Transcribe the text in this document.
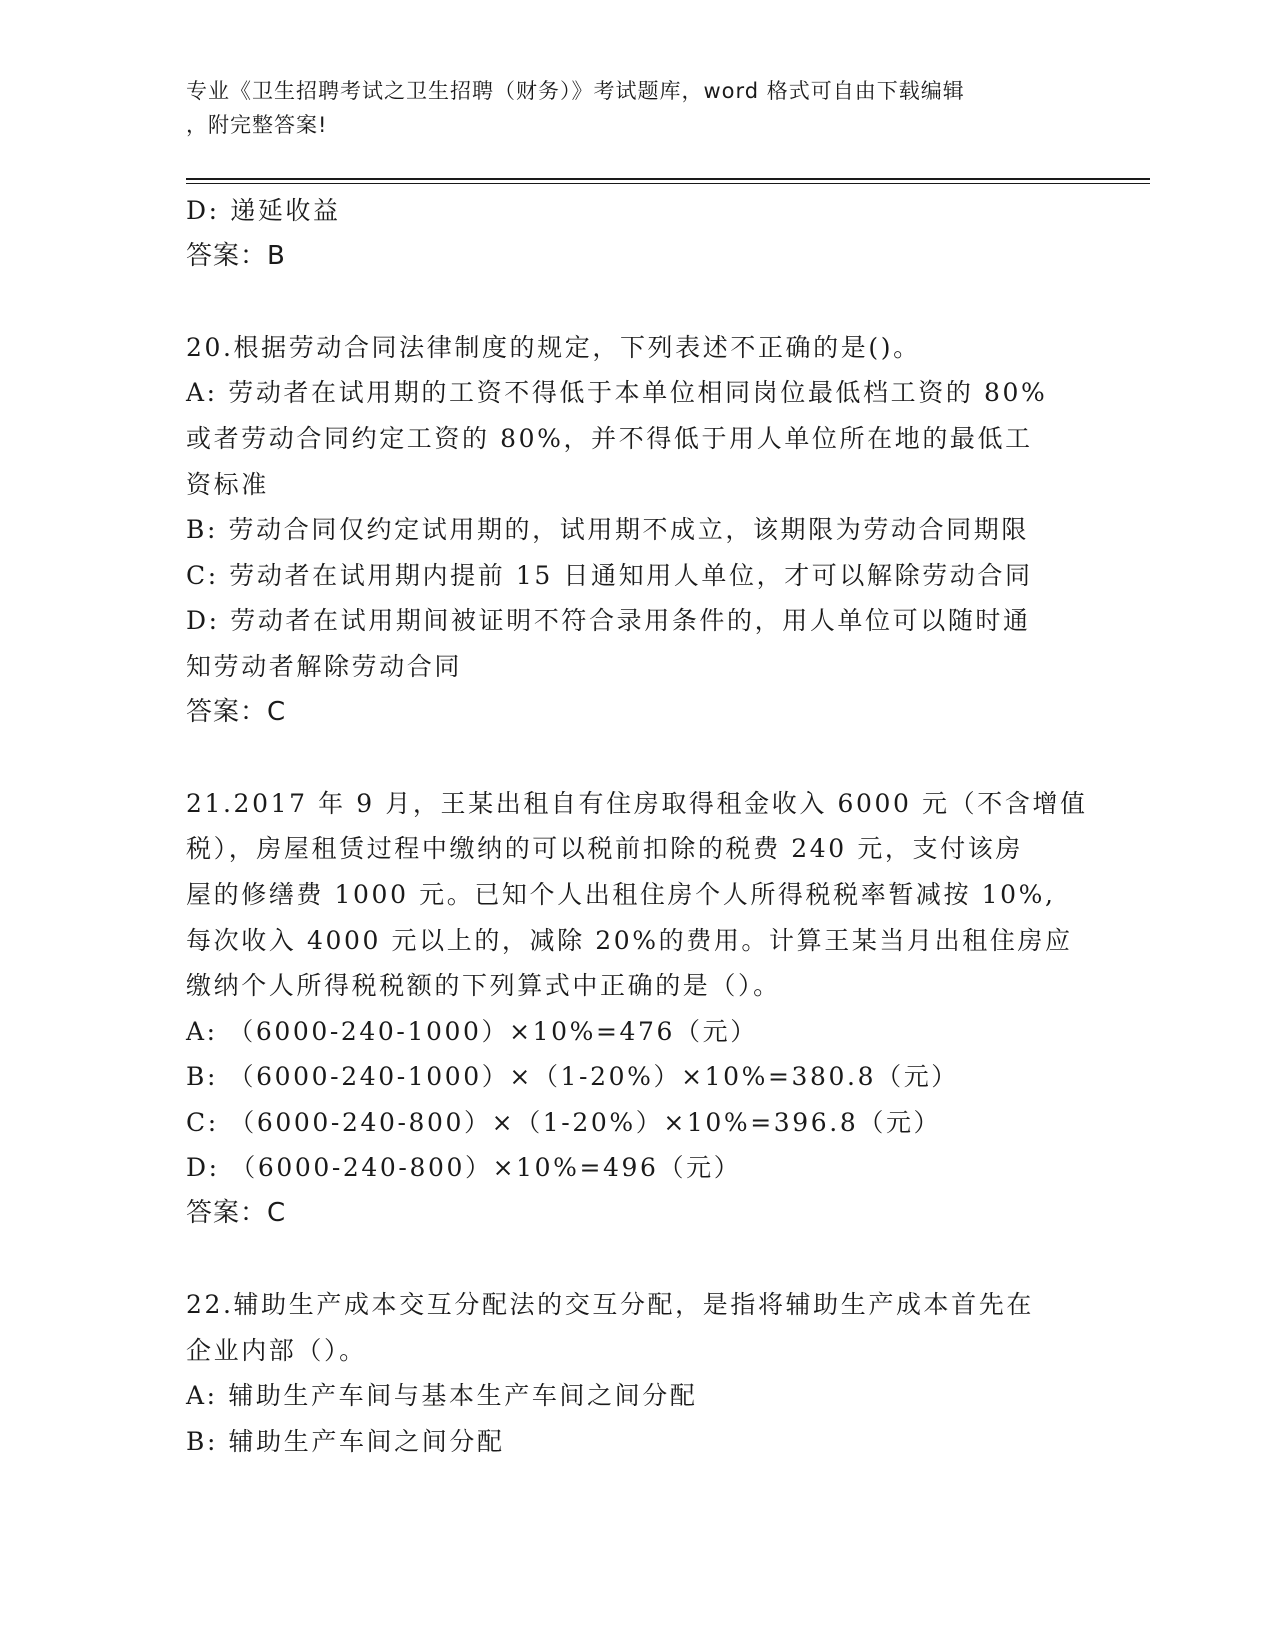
专业《卫生招聘考试之卫生招聘（财务）》考试题库，word 格式可自由下载编辑
，附完整答案!

D: 递延收益

答案：B

20.根据劳动合同法律制度的规定，下列表述不正确的是()。

A: 劳动者在试用期的工资不得低于本单位相同岗位最低档工资的 80%

或者劳动合同约定工资的 80%，并不得低于用人单位所在地的最低工

资标准

B: 劳动合同仅约定试用期的，试用期不成立，该期限为劳动合同期限

C: 劳动者在试用期内提前 15 日通知用人单位，才可以解除劳动合同

D: 劳动者在试用期间被证明不符合录用条件的，用人单位可以随时通

知劳动者解除劳动合同

答案：C

21.2017 年 9 月，王某出租自有住房取得租金收入 6000 元（不含增值

税），房屋租赁过程中缴纳的可以税前扣除的税费 240 元，支付该房

屋的修缮费 1000 元。已知个人出租住房个人所得税税率暂减按 10%,

每次收入 4000 元以上的，减除 20%的费用。计算王某当月出租住房应

缴纳个人所得税税额的下列算式中正确的是（）。

A: （6000-240-1000）×10%=476（元）

B: （6000-240-1000）×（1-20%）×10%=380.8（元）

C: （6000-240-800）×（1-20%）×10%=396.8（元）

D: （6000-240-800）×10%=496（元）

答案：C

22.辅助生产成本交互分配法的交互分配，是指将辅助生产成本首先在

企业内部（）。

A: 辅助生产车间与基本生产车间之间分配

B: 辅助生产车间之间分配
